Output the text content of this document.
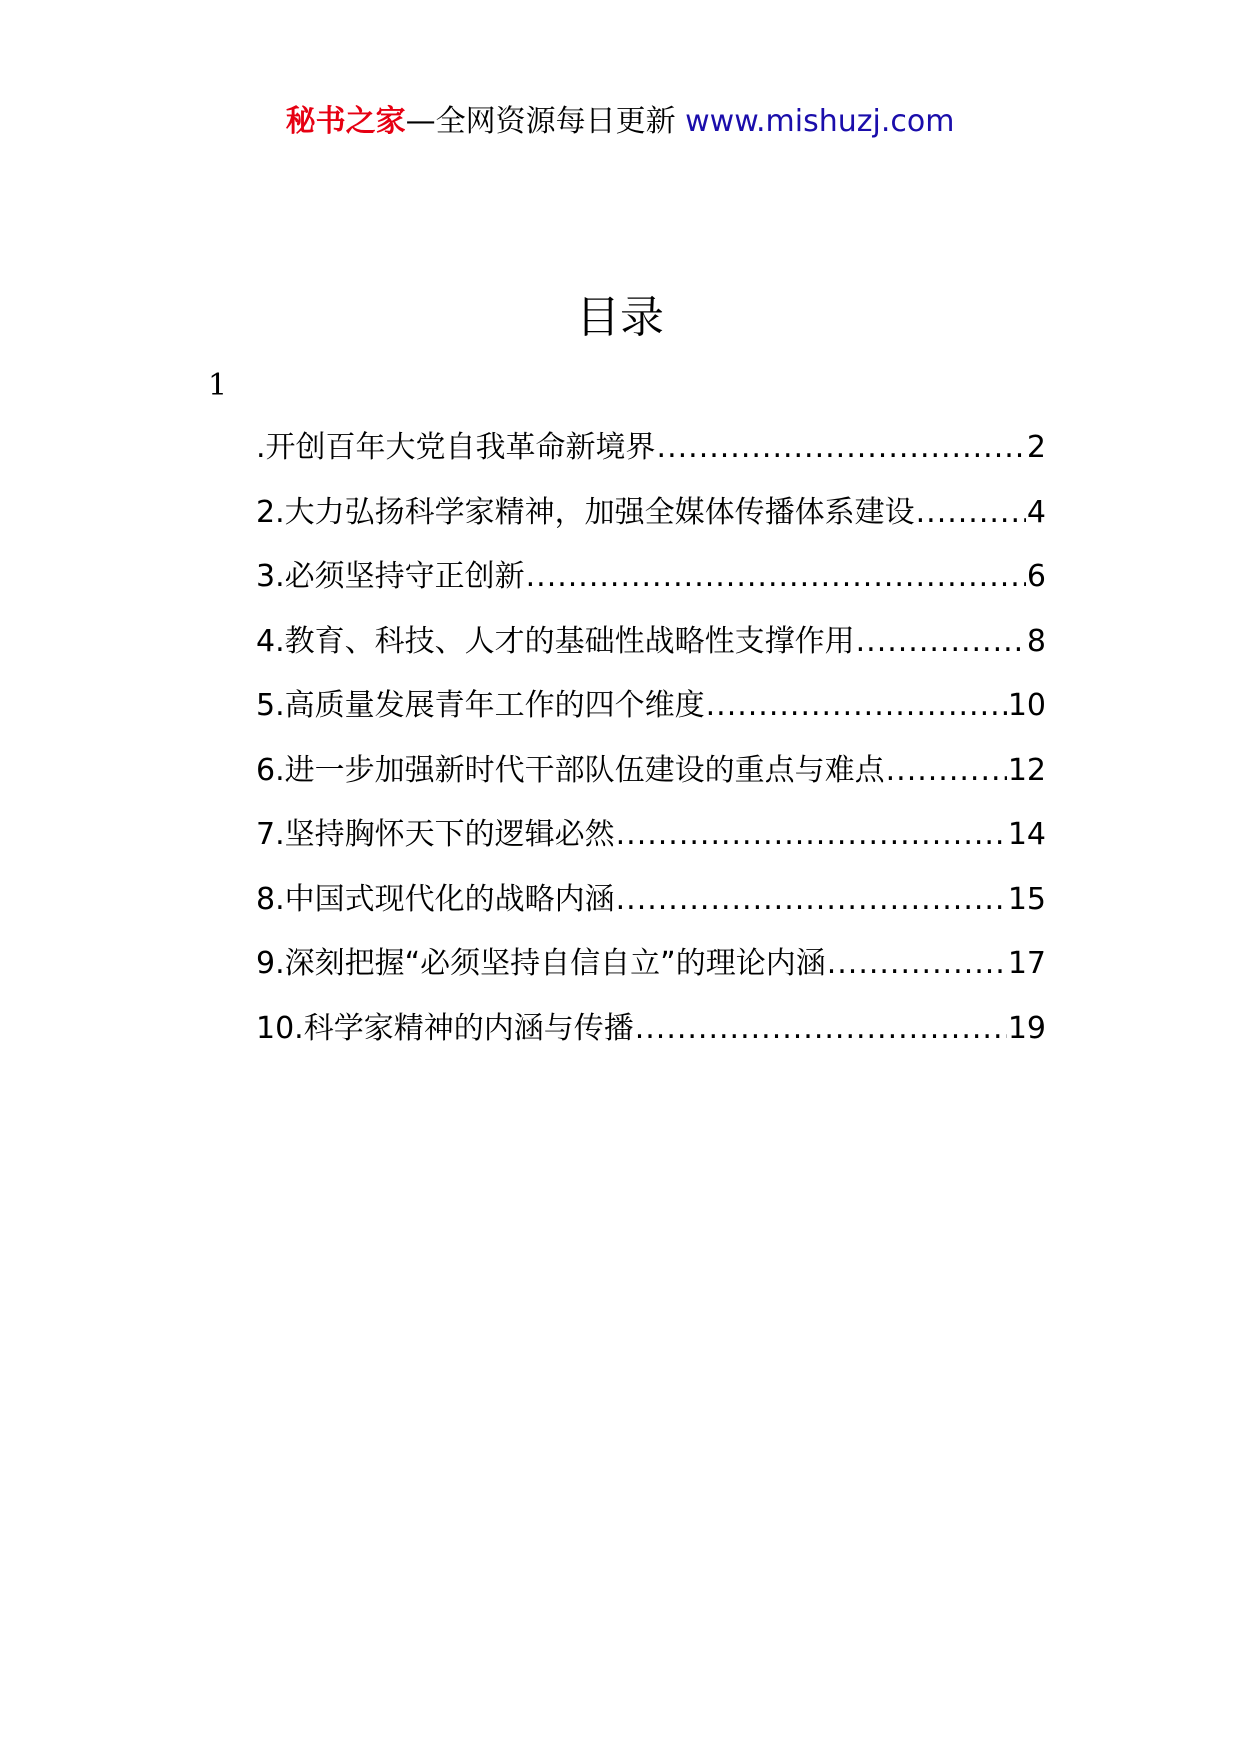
秘书之家—全网资源每日更新 www.mishuzj.com
目录
1
.开创百年大党自我革命新境界 .....	2
2.大力弘扬科学家精神，加强全媒体传播体系建设 .....	4
3.必须坚持守正创新 .....	6
4.教育、科技、人才的基础性战略性支撑作用 .....	8
5.高质量发展青年工作的四个维度 .....	10
6.进一步加强新时代干部队伍建设的重点与难点 .....	12
7.坚持胸怀天下的逻辑必然 .....	14
8.中国式现代化的战略内涵 .....	15
9.深刻把握“必须坚持自信自立”的理论内涵 .....	17
10.科学家精神的内涵与传播 .....	19
